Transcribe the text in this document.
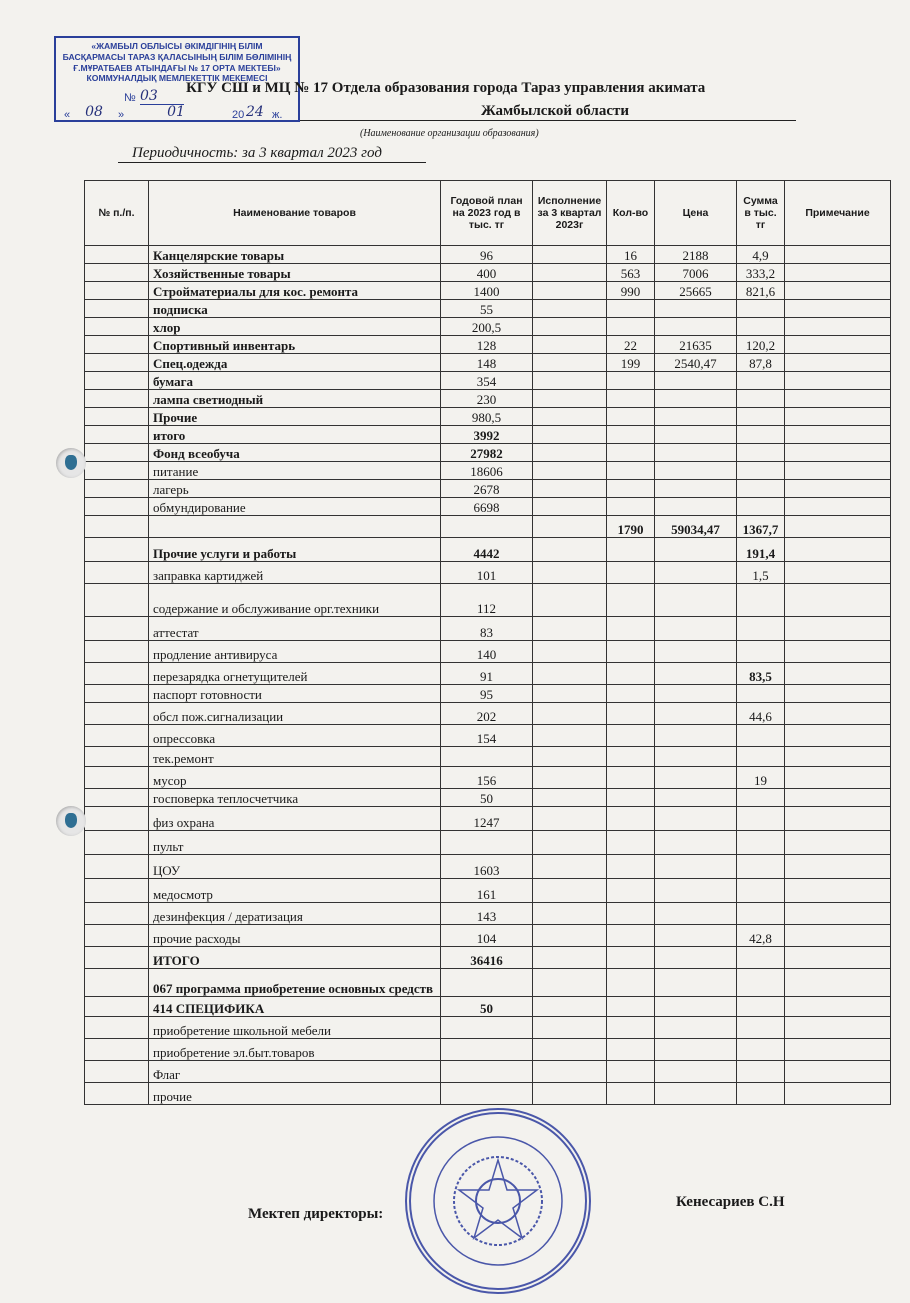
«ЖАМБЫЛ ОБЛЫСЫ ӘКІМДІГІНІҢ БІЛІМ
БАСҚАРМАСЫ ТАРАЗ ҚАЛАСЫНЫҢ БІЛІМ БӨЛІМІНІҢ
Ғ.МҰРАТБАЕВ АТЫНДАҒЫ № 17 ОРТА МЕКТЕБІ»
КОММУНАЛДЫҚ МЕМЛЕКЕТТІК МЕКЕМЕСІ
№ 03
«	08	»	01	20 24 ж.
КГУ СШ и МЦ № 17 Отдела образования города Тараз управления акимата
Жамбылской области
(Наименование организации образования)
Периодичность: за 3 квартал 2023 год
№ п./п.	Наименование товаров	Годовой план на 2023 год в тыс. тг	Исполнение за 3 квартал 2023г	Кол-во	Цена	Сумма в тыс. тг	Примечание
	Канцелярские товары	96		16	2188	4,9	
	Хозяйственные товары	400		563	7006	333,2	
	Стройматериалы для кос. ремонта	1400		990	25665	821,6	
	подписка	55					
	хлор	200,5					
	Спортивный инвентарь	128		22	21635	120,2	
	Спец.одежда	148		199	2540,47	87,8	
	бумага	354					
	лампа светиодный	230					
	Прочие	980,5					
	итого	3992					
	Фонд всеобуча	27982					
	питание	18606					
	лагерь	2678					
	обмундирование	6698					
				1790	59034,47	1367,7	
	Прочие услуги и работы	4442				191,4	
	заправка картиджей	101				1,5	
	содержание и обслуживание орг.техники	112					
	аттестат	83					
	продление антивируса	140					
	перезарядка огнетущителей	91				83,5	
	паспорт готовности	95					
	обсл пож.сигнализации	202				44,6	
	опрессовка	154					
	тек.ремонт						
	мусор	156				19	
	госповерка теплосчетчика	50					
	физ охрана	1247					
	пульт						
	ЦОУ	1603					
	медосмотр	161					
	дезинфекция / дератизация	143					
	прочие расходы	104				42,8	
	ИТОГО	36416					
	067 программа приобретение основных средств						
	414 СПЕЦИФИКА	50					
	приобретение школьной мебели						
	приобретение эл.быт.товаров						
	Флаг						
	прочие						
Мектеп директоры:
Кенесариев С.Н
